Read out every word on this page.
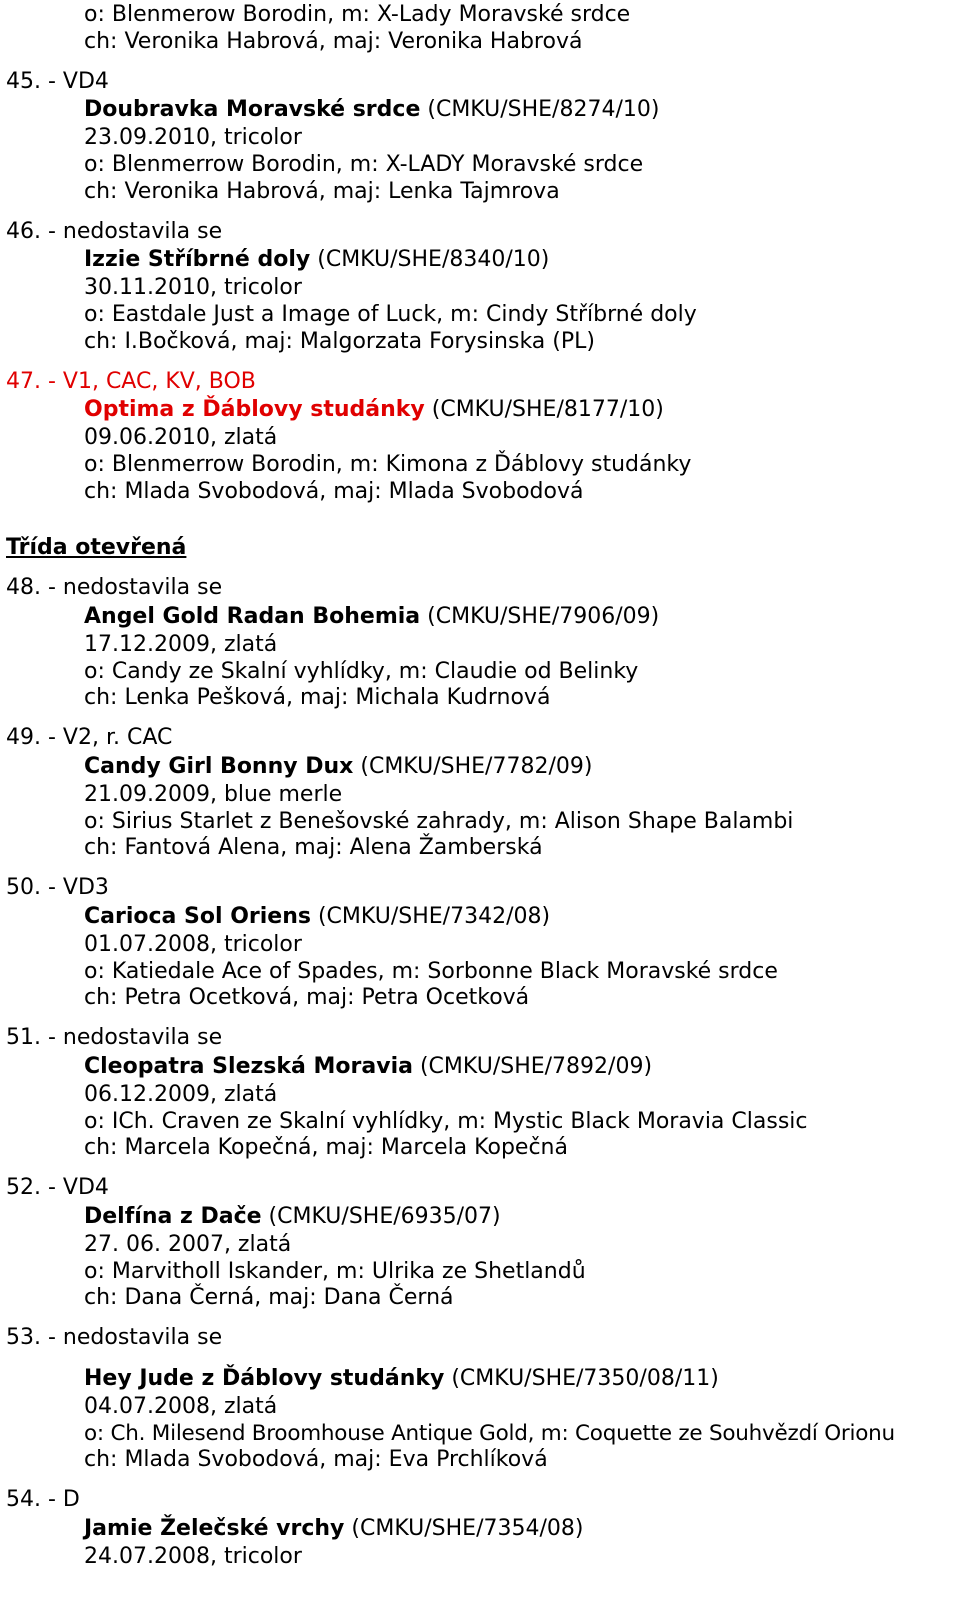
o: Blenmerow Borodin, m: X-Lady Moravské srdce
ch: Veronika Habrová, maj: Veronika Habrová
45. - VD4
Doubravka Moravské srdce (CMKU/SHE/8274/10)
23.09.2010, tricolor
o: Blenmerrow Borodin, m: X-LADY Moravské srdce
ch: Veronika Habrová, maj: Lenka Tajmrova
46. - nedostavila se
Izzie Stříbrné doly (CMKU/SHE/8340/10)
30.11.2010, tricolor
o: Eastdale Just a Image of Luck, m: Cindy Stříbrné doly
ch: I.Bočková, maj: Malgorzata Forysinska (PL)
47. - V1, CAC, KV, BOB
Optima z Ďáblovy studánky (CMKU/SHE/8177/10)
09.06.2010, zlatá
o: Blenmerrow Borodin, m: Kimona z Ďáblovy studánky
ch: Mlada Svobodová, maj: Mlada Svobodová
Třída otevřená
48. - nedostavila se
Angel Gold Radan Bohemia (CMKU/SHE/7906/09)
17.12.2009, zlatá
o: Candy ze Skalní vyhlídky, m: Claudie od Belinky
ch: Lenka Pešková, maj: Michala Kudrnová
49. - V2, r. CAC
Candy Girl Bonny Dux (CMKU/SHE/7782/09)
21.09.2009, blue merle
o: Sirius Starlet z Benešovské zahrady, m: Alison Shape Balambi
ch: Fantová Alena, maj: Alena Žamberská
50. - VD3
Carioca Sol Oriens (CMKU/SHE/7342/08)
01.07.2008, tricolor
o: Katiedale Ace of Spades, m: Sorbonne Black Moravské srdce
ch: Petra Ocetková, maj: Petra Ocetková
51. - nedostavila se
Cleopatra Slezská Moravia (CMKU/SHE/7892/09)
06.12.2009, zlatá
o: ICh. Craven ze Skalní vyhlídky, m: Mystic Black Moravia Classic
ch: Marcela Kopečná, maj: Marcela Kopečná
52. - VD4
Delfína z Dače (CMKU/SHE/6935/07)
27. 06. 2007, zlatá
o: Marvitholl Iskander, m: Ulrika ze Shetlandů
ch: Dana Černá, maj: Dana Černá
53. - nedostavila se
Hey Jude z Ďáblovy studánky (CMKU/SHE/7350/08/11)
04.07.2008, zlatá
o: Ch. Milesend Broomhouse Antique Gold, m: Coquette ze Souhvězdí Orionu
ch: Mlada Svobodová, maj: Eva Prchlíková
54. - D
Jamie Želečské vrchy (CMKU/SHE/7354/08)
24.07.2008, tricolor
